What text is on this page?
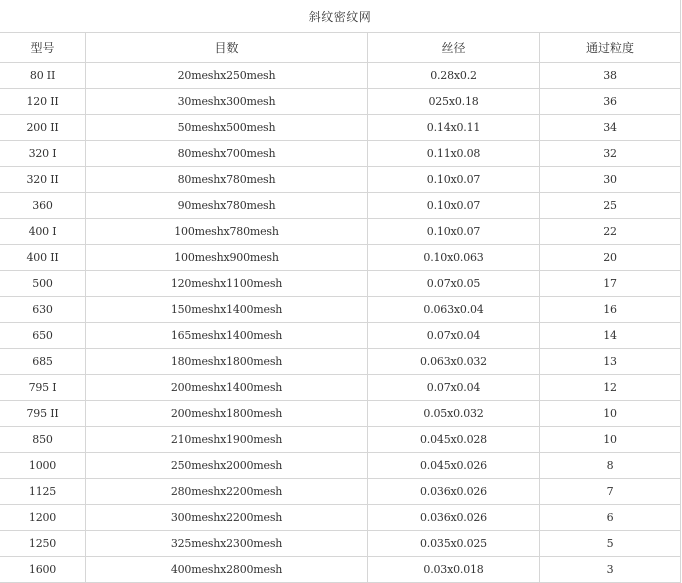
斜纹密纹网			
型号	目数	丝径	通过粒度
80 II	20meshx250mesh	0.28x0.2	38
120 II	30meshx300mesh	025x0.18	36
200 II	50meshx500mesh	0.14x0.11	34
320 I	80meshx700mesh	0.11x0.08	32
320 II	80meshx780mesh	0.10x0.07	30
360	90meshx780mesh	0.10x0.07	25
400 I	100meshx780mesh	0.10x0.07	22
400 II	100meshx900mesh	0.10x0.063	20
500	120meshx1100mesh	0.07x0.05	17
630	150meshx1400mesh	0.063x0.04	16
650	165meshx1400mesh	0.07x0.04	14
685	180meshx1800mesh	0.063x0.032	13
795 I	200meshx1400mesh	0.07x0.04	12
795 II	200meshx1800mesh	0.05x0.032	10
850	210meshx1900mesh	0.045x0.028	10
1000	250meshx2000mesh	0.045x0.026	8
1125	280meshx2200mesh	0.036x0.026	7
1200	300meshx2200mesh	0.036x0.026	6
1250	325meshx2300mesh	0.035x0.025	5
1600	400meshx2800mesh	0.03x0.018	3
